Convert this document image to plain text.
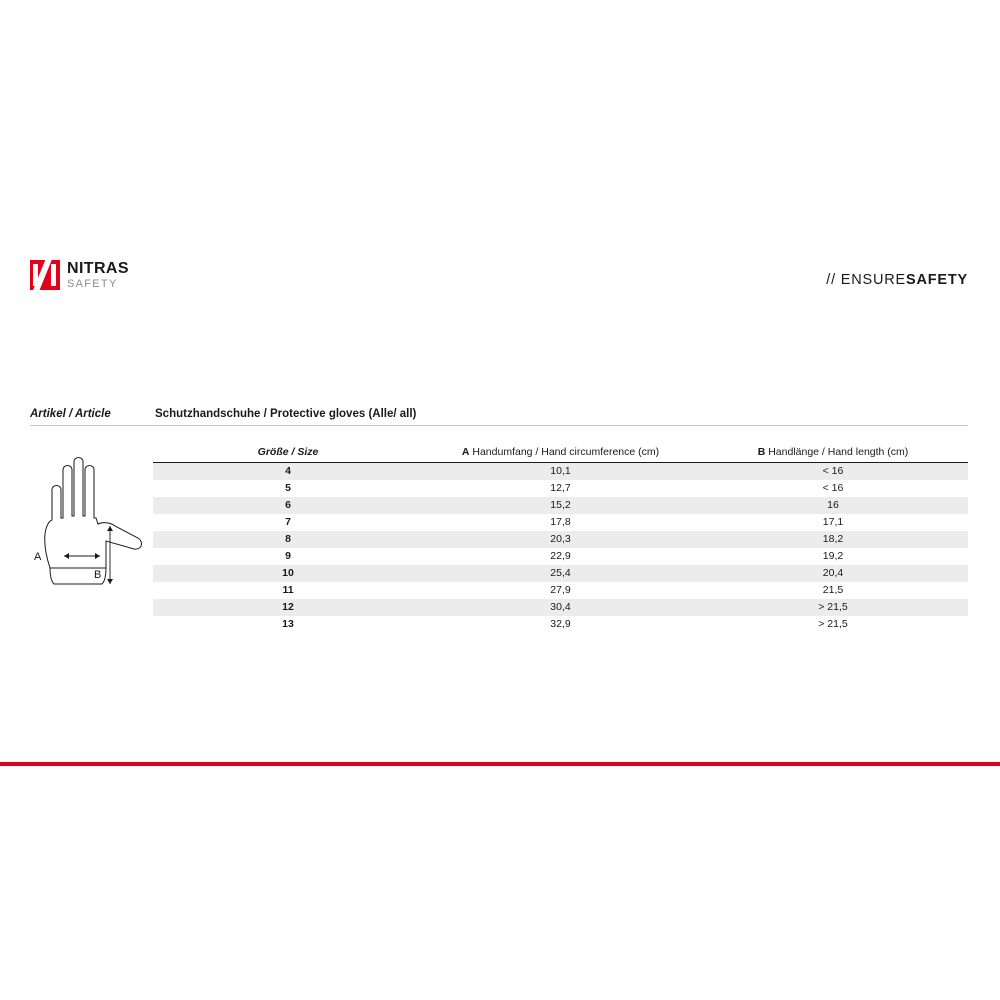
NITRAS
SAFETY	// ENSURESAFETY
Artikel / Article	Schutzhandschuhe / Protective gloves (Alle/ all)
A
B
Größe / Size	A Handumfang / Hand circumference (cm)	B Handlänge / Hand length (cm)
4	10,1	< 16
5	12,7	< 16
6	15,2	16
7	17,8	17,1
8	20,3	18,2
9	22,9	19,2
10	25,4	20,4
11	27,9	21,5
12	30,4	> 21,5
13	32,9	> 21,5
